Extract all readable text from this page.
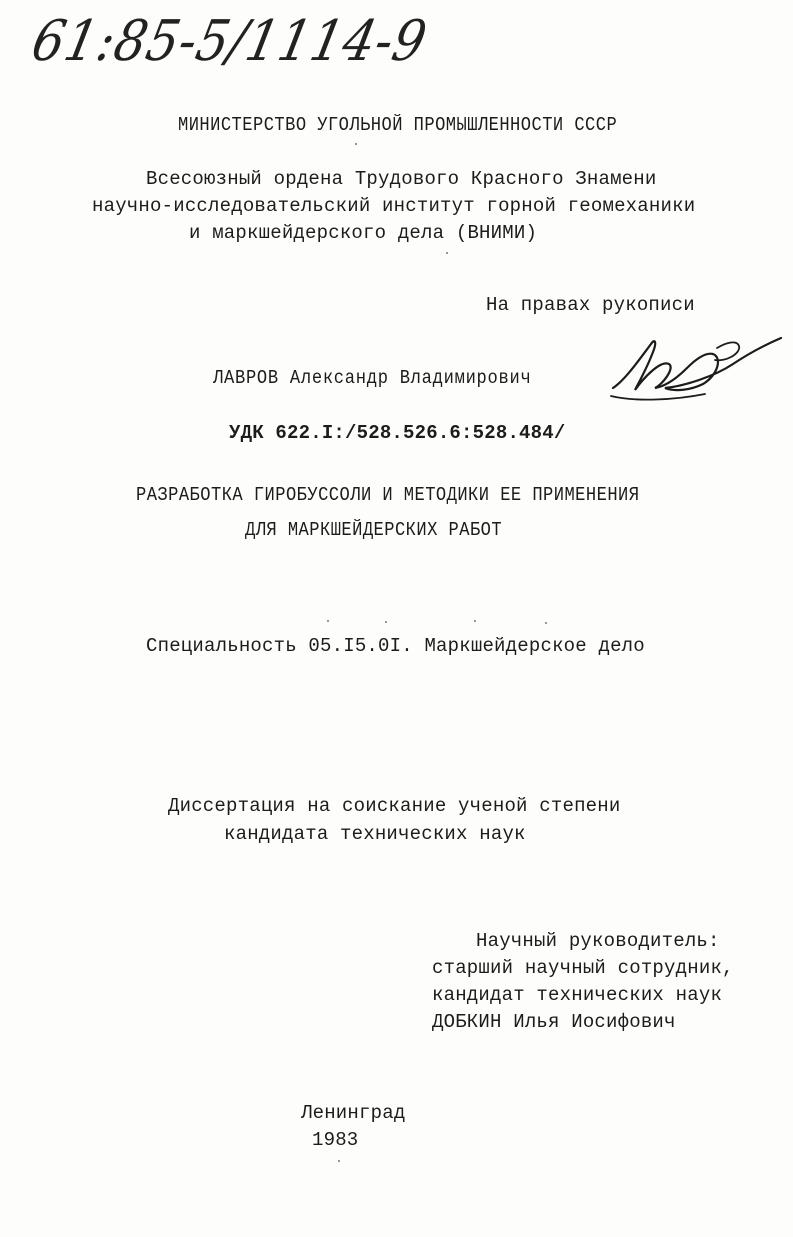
61:85-5/1114-9
МИНИСТЕРСТВО УГОЛЬНОЙ ПРОМЫШЛЕННОСТИ СССР
Всесоюзный ордена Трудового Красного Знамени
научно-исследовательский институт горной геомеханики
и маркшейдерского дела (ВНИМИ)
На правах рукописи
ЛАВРОВ Александр Владимирович
УДК 622.I:/528.526.6:528.484/
РАЗРАБОТКА ГИРОБУССОЛИ И МЕТОДИКИ ЕЕ ПРИМЕНЕНИЯ
ДЛЯ МАРКШЕЙДЕРСКИХ РАБОТ
Специальность 05.I5.0I. Маркшейдерское дело
Диссертация на соискание ученой степени
кандидата технических наук
Научный руководитель:
старший научный сотрудник,
кандидат технических наук
ДОБКИН Илья Иосифович
Ленинград
1983
